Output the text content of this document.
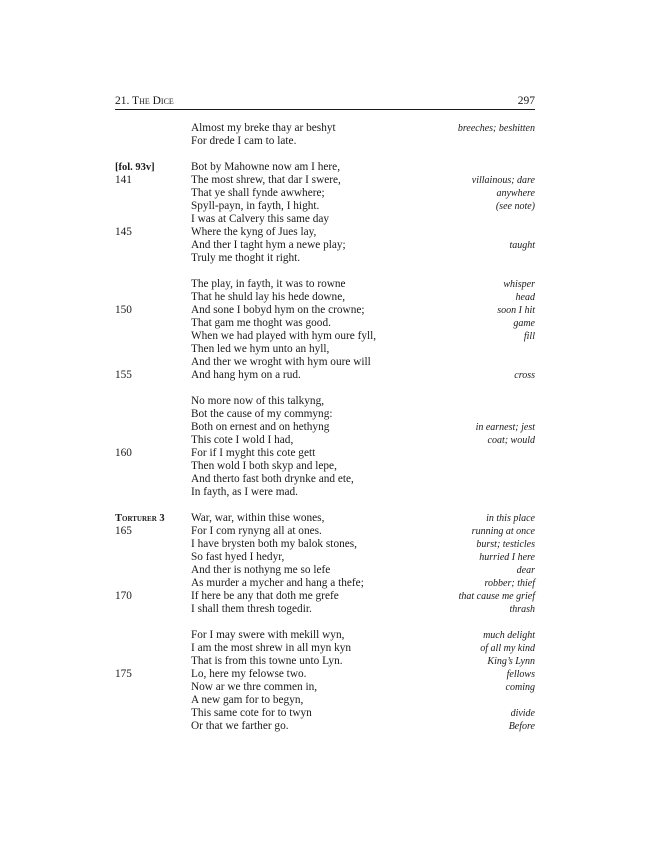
21. The Dice	297
Almost my breke thay ar beshyt	breeches; beshitten
For drede I cam to late.
[fol. 93v]	Bot by Mahowne now am I here,
141	The most shrew, that dar I swere,	villainous; dare
That ye shall fynde awwhere;	anywhere
Spyll-payn, in fayth, I hight.	(see note)
I was at Calvery this same day
145	Where the kyng of Jues lay,
And ther I taght hym a newe play;	taught
Truly me thoght it right.
The play, in fayth, it was to rowne	whisper
That he shuld lay his hede downe,	head
150	And sone I bobyd hym on the crowne;	soon I hit
That gam me thoght was good.	game
When we had played with hym oure fyll,	fill
Then led we hym unto an hyll,
And ther we wroght with hym oure will
155	And hang hym on a rud.	cross
No more now of this talkyng,
Bot the cause of my commyng:
Both on ernest and on hethyng	in earnest; jest
This cote I wold I had,	coat; would
160	For if I myght this cote gett
Then wold I both skyp and lepe,
And therto fast both drynke and ete,
In fayth, as I were mad.
Torturer 3 War, war, within thise wones,	in this place
165	For I com rynyng all at ones.	running at once
I have brysten both my balok stones,	burst; testicles
So fast hyed I hedyr,	hurried I here
And ther is nothyng me so lefe	dear
As murder a mycher and hang a thefe;	robber; thief
170	If here be any that doth me grefe	that cause me grief
I shall them thresh togedir.	thrash
For I may swere with mekill wyn,	much delight
I am the most shrew in all myn kyn	of all my kind
That is from this towne unto Lyn.	King’s Lynn
175	Lo, here my felowse two.	fellows
Now ar we thre commen in,	coming
A new gam for to begyn,
This same cote for to twyn	divide
Or that we farther go.	Before
